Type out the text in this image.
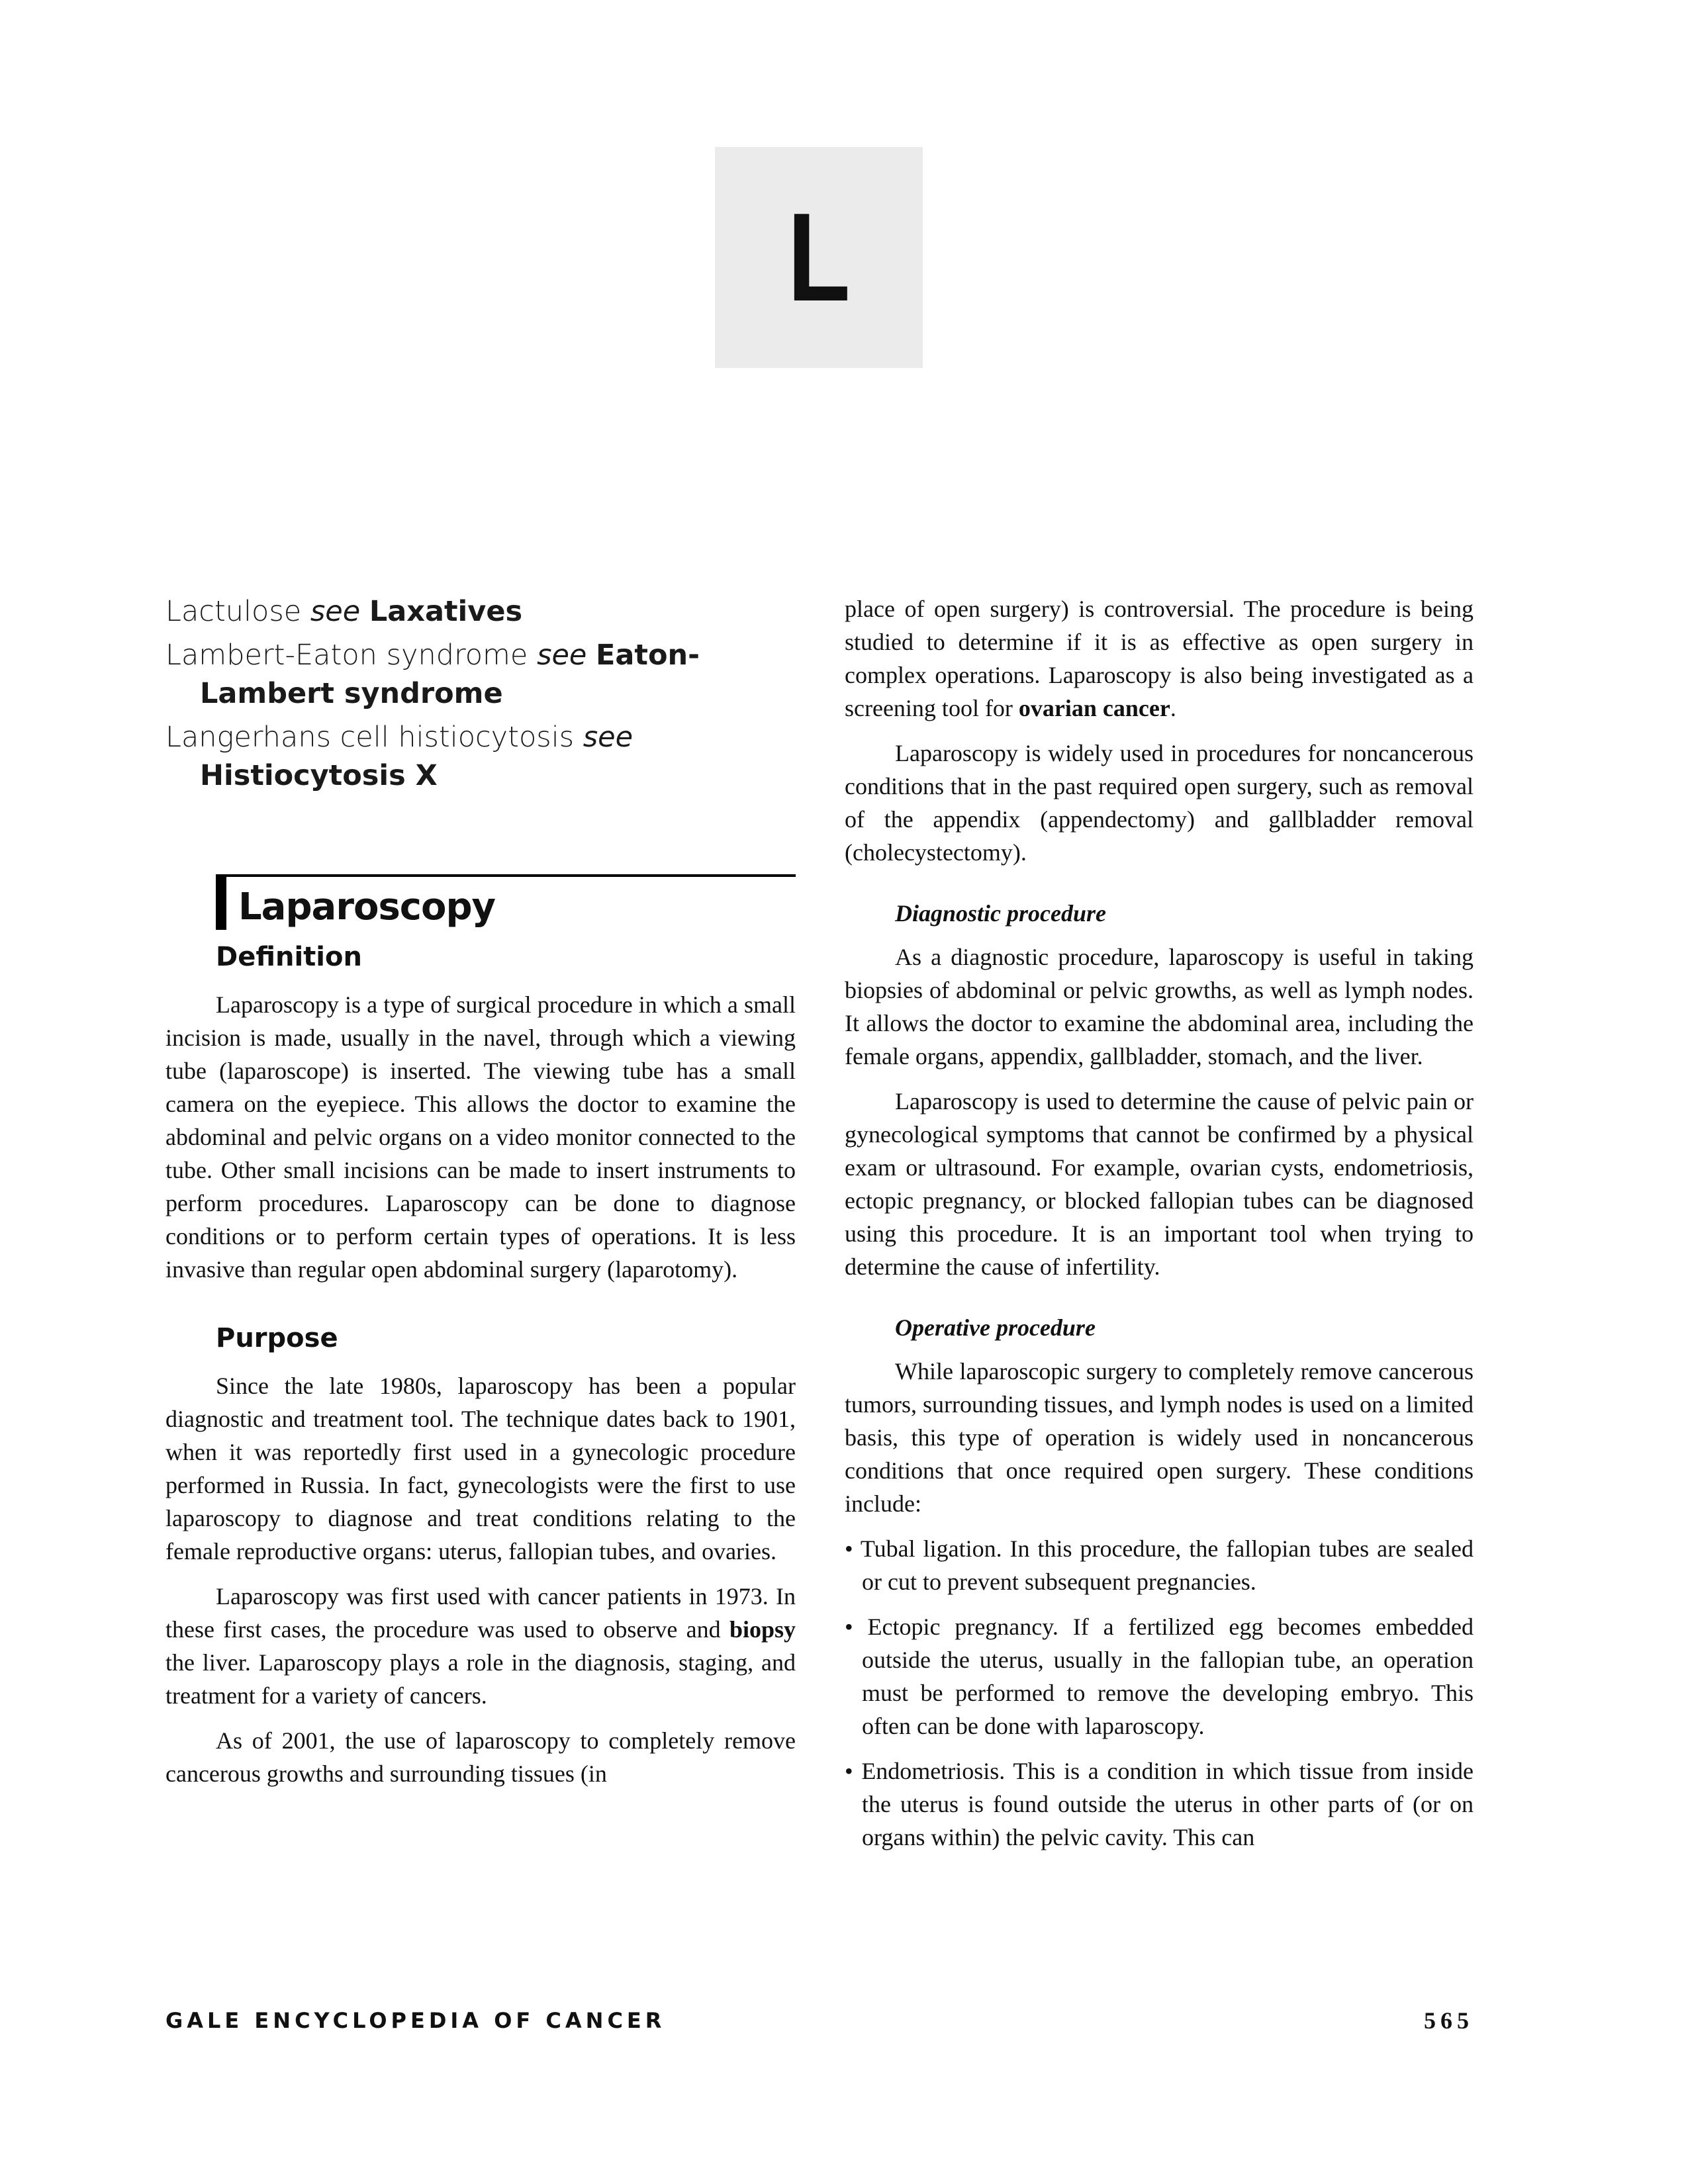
L
Lactulose see Laxatives
Lambert-Eaton syndrome see Eaton-Lambert syndrome
Langerhans cell histiocytosis see Histiocytosis X
Laparoscopy
Definition

Laparoscopy is a type of surgical procedure in which a small incision is made, usually in the navel, through which a viewing tube (laparoscope) is inserted. The viewing tube has a small camera on the eyepiece. This allows the doctor to examine the abdominal and pelvic organs on a video monitor connected to the tube. Other small incisions can be made to insert instruments to perform procedures. Laparoscopy can be done to diagnose conditions or to perform certain types of operations. It is less invasive than regular open abdominal surgery (laparotomy).

Purpose

Since the late 1980s, laparoscopy has been a popular diagnostic and treatment tool. The technique dates back to 1901, when it was reportedly first used in a gynecologic procedure performed in Russia. In fact, gynecologists were the first to use laparoscopy to diagnose and treat conditions relating to the female reproductive organs: uterus, fallopian tubes, and ovaries.

Laparoscopy was first used with cancer patients in 1973. In these first cases, the procedure was used to observe and biopsy the liver. Laparoscopy plays a role in the diagnosis, staging, and treatment for a variety of cancers.

As of 2001, the use of laparoscopy to completely remove cancerous growths and surrounding tissues (in

place of open surgery) is controversial. The procedure is being studied to determine if it is as effective as open surgery in complex operations. Laparoscopy is also being investigated as a screening tool for ovarian cancer.

Laparoscopy is widely used in procedures for noncancerous conditions that in the past required open surgery, such as removal of the appendix (appendectomy) and gallbladder removal (cholecystectomy).

Diagnostic procedure

As a diagnostic procedure, laparoscopy is useful in taking biopsies of abdominal or pelvic growths, as well as lymph nodes. It allows the doctor to examine the abdominal area, including the female organs, appendix, gallbladder, stomach, and the liver.

Laparoscopy is used to determine the cause of pelvic pain or gynecological symptoms that cannot be confirmed by a physical exam or ultrasound. For example, ovarian cysts, endometriosis, ectopic pregnancy, or blocked fallopian tubes can be diagnosed using this procedure. It is an important tool when trying to determine the cause of infertility.

Operative procedure

While laparoscopic surgery to completely remove cancerous tumors, surrounding tissues, and lymph nodes is used on a limited basis, this type of operation is widely used in noncancerous conditions that once required open surgery. These conditions include:

• Tubal ligation. In this procedure, the fallopian tubes are sealed or cut to prevent subsequent pregnancies.
• Ectopic pregnancy. If a fertilized egg becomes embedded outside the uterus, usually in the fallopian tube, an operation must be performed to remove the developing embryo. This often can be done with laparoscopy.
• Endometriosis. This is a condition in which tissue from inside the uterus is found outside the uterus in other parts of (or on organs within) the pelvic cavity. This can
GALE ENCYCLOPEDIA OF CANCER	565
